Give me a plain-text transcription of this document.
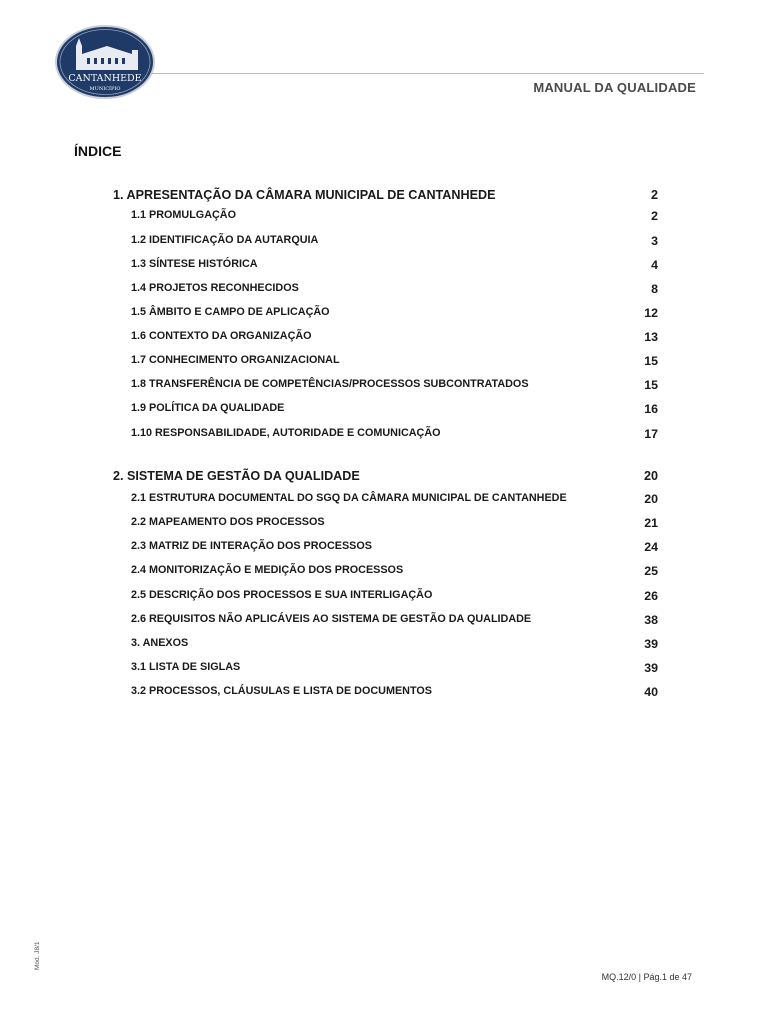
CANTANHEDE
MUNICÍPIO	MANUAL DA QUALIDADE
ÍNDICE
1. APRESENTAÇÃO DA CÂMARA MUNICIPAL DE CANTANHEDE	2
1.1 PROMULGAÇÃO	2
1.2 IDENTIFICAÇÃO DA AUTARQUIA	3
1.3 SÍNTESE HISTÓRICA	4
1.4 PROJETOS RECONHECIDOS	8
1.5 ÂMBITO E CAMPO DE APLICAÇÃO	12
1.6 CONTEXTO DA ORGANIZAÇÃO	13
1.7 CONHECIMENTO ORGANIZACIONAL	15
1.8 TRANSFERÊNCIA DE COMPETÊNCIAS/PROCESSOS SUBCONTRATADOS	15
1.9 POLÍTICA DA QUALIDADE	16
1.10 RESPONSABILIDADE, AUTORIDADE E COMUNICAÇÃO	17
2. SISTEMA DE GESTÃO DA QUALIDADE	20
2.1 ESTRUTURA DOCUMENTAL DO SGQ DA CÂMARA MUNICIPAL DE CANTANHEDE	20
2.2 MAPEAMENTO DOS PROCESSOS	21
2.3 MATRIZ DE INTERAÇÃO DOS PROCESSOS	24
2.4 MONITORIZAÇÃO E MEDIÇÃO DOS PROCESSOS	25
2.5 DESCRIÇÃO DOS PROCESSOS E SUA INTERLIGAÇÃO	26
2.6 REQUISITOS NÃO APLICÁVEIS AO SISTEMA DE GESTÃO DA QUALIDADE	38
3. ANEXOS	39
3.1 LISTA DE SIGLAS	39
3.2 PROCESSOS, CLÁUSULAS E LISTA DE DOCUMENTOS	40
Mod. J8/1
MQ.12/0 | Pág.1 de 47
